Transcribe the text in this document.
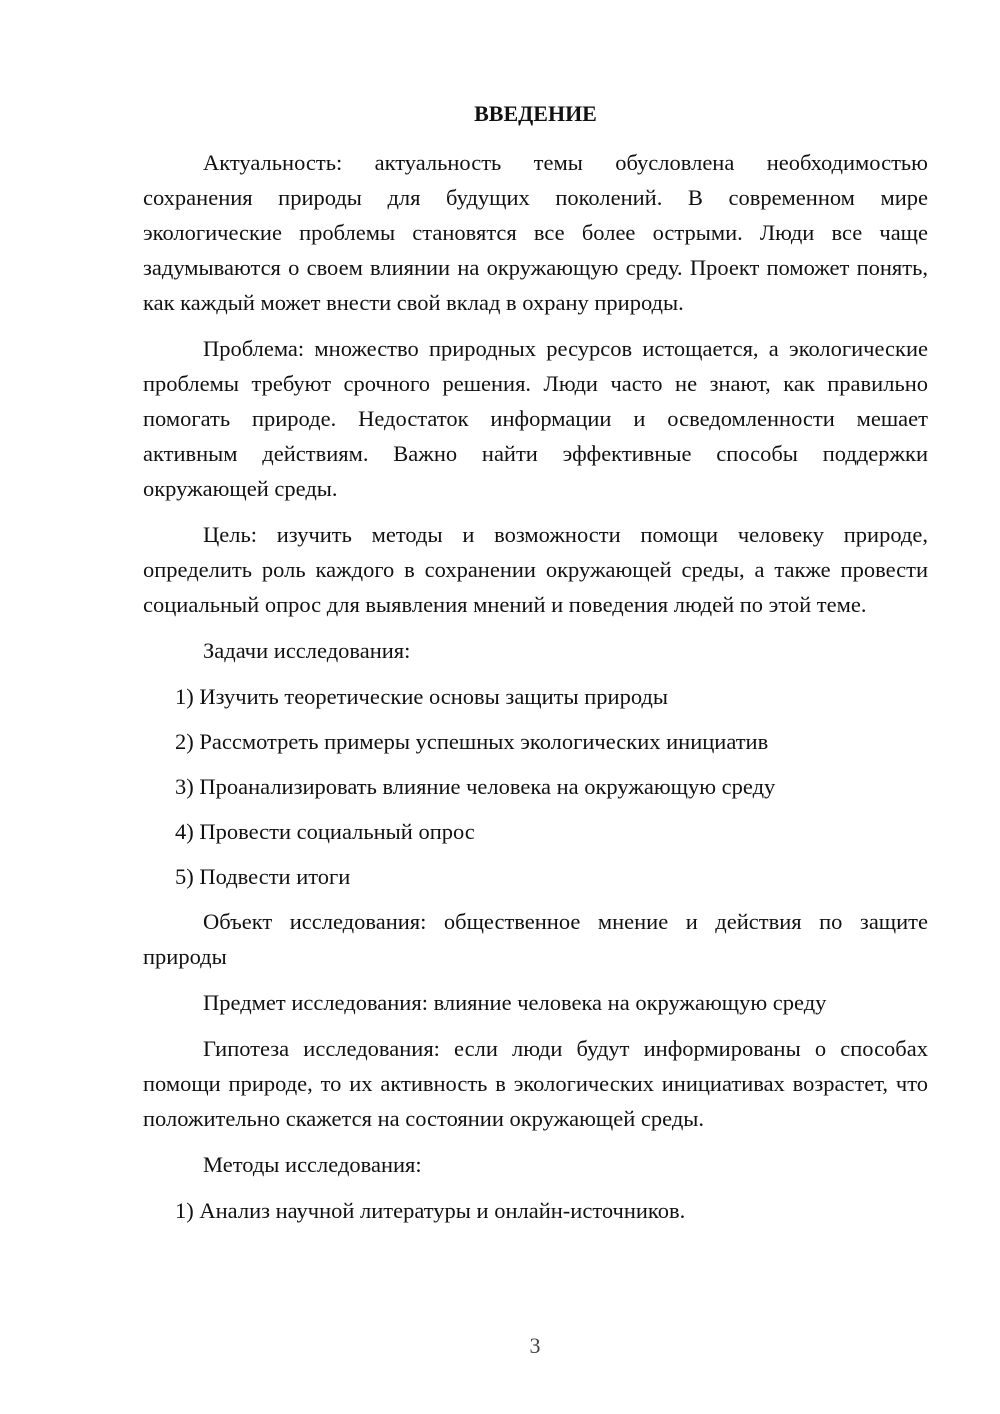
ВВЕДЕНИЕ

Актуальность: актуальность темы обусловлена необходимостью сохранения природы для будущих поколений. В современном мире экологические проблемы становятся все более острыми. Люди все чаще задумываются о своем влиянии на окружающую среду. Проект поможет понять, как каждый может внести свой вклад в охрану природы.

Проблема: множество природных ресурсов истощается, а экологические проблемы требуют срочного решения. Люди часто не знают, как правильно помогать природе. Недостаток информации и осведомленности мешает активным действиям. Важно найти эффективные способы поддержки окружающей среды.

Цель: изучить методы и возможности помощи человеку природе, определить роль каждого в сохранении окружающей среды, а также провести социальный опрос для выявления мнений и поведения людей по этой теме.

Задачи исследования:

1) Изучить теоретические основы защиты природы
2) Рассмотреть примеры успешных экологических инициатив
3) Проанализировать влияние человека на окружающую среду
4) Провести социальный опрос
5) Подвести итоги

Объект исследования: общественное мнение и действия по защите природы

Предмет исследования: влияние человека на окружающую среду

Гипотеза исследования: если люди будут информированы о способах помощи природе, то их активность в экологических инициативах возрастет, что положительно скажется на состоянии окружающей среды.

Методы исследования:

1) Анализ научной литературы и онлайн-источников.
3
